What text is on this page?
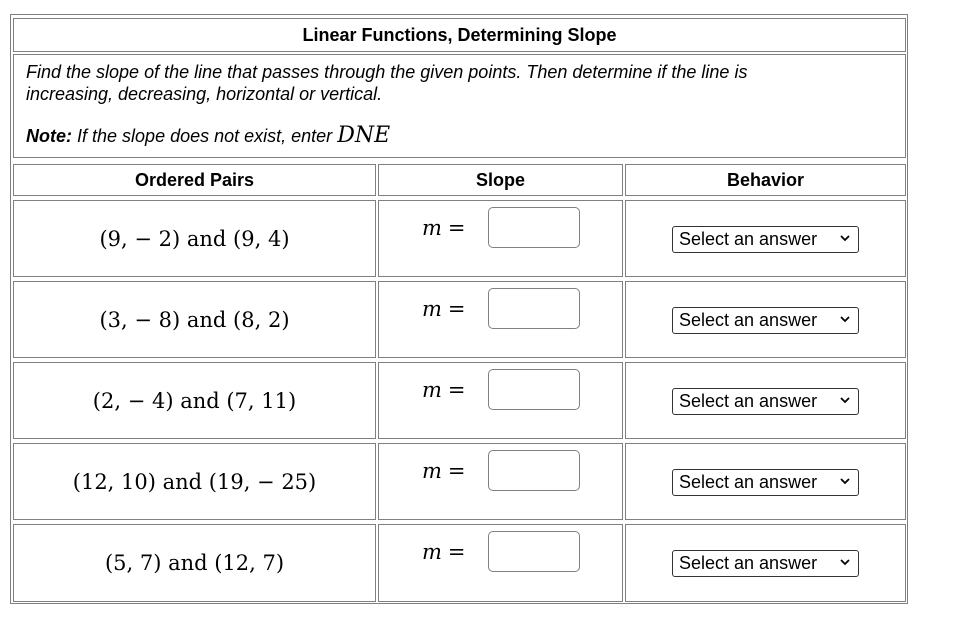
Linear Functions, Determining Slope
Find the slope of the line that passes through the given points. Then determine if the line is
increasing, decreasing, horizontal or vertical.
Note: If the slope does not exist, enter DNE
Ordered Pairs	Slope	Behavior
(9, − 2) and (9, 4)	m =	Select an answer
(3, − 8) and (8, 2)	m =	Select an answer
(2, − 4) and (7, 11)	m =	Select an answer
(12, 10) and (19, − 25)	m =	Select an answer
(5, 7) and (12, 7)	m =	Select an answer
